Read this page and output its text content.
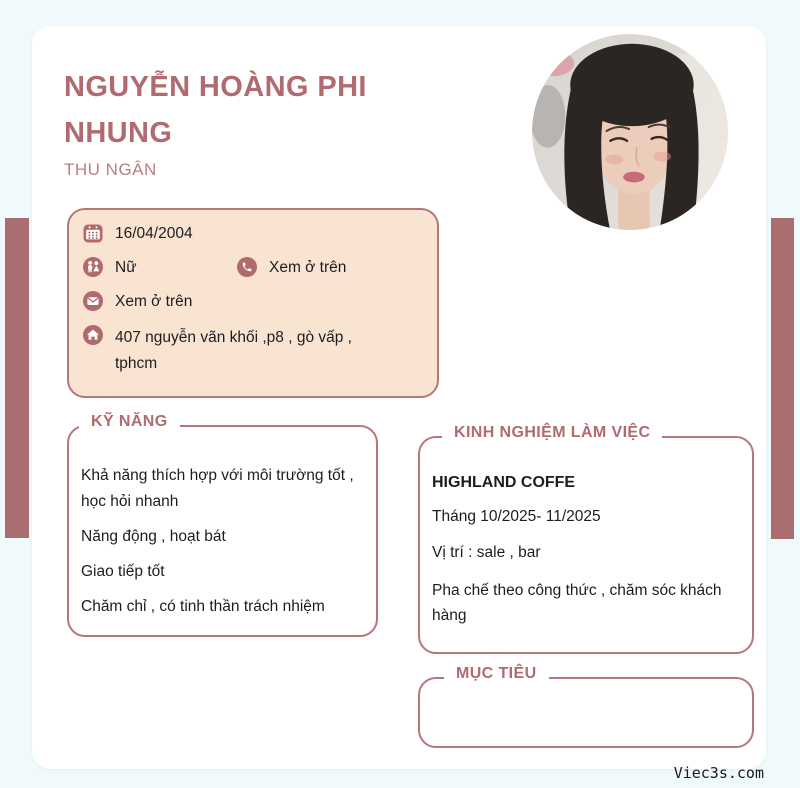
NGUYỄN HOÀNG PHI NHUNG
THU NGÂN
16/04/2004
Nữ	Xem ở trên
Xem ở trên
407 nguyễn vãn khối ,p8 , gò vấp , tphcm
KỸ NĂNG

Khả năng thích hợp với môi trường tốt , học hỏi nhanh

Năng động , hoạt bát

Giao tiếp tốt

Chăm chỉ , có tinh thần trách nhiệm

KINH NGHIỆM LÀM VIỆC

HIGHLAND COFFE

Tháng 10/2025- 11/2025

Vị trí : sale , bar

Pha chế theo công thức , chăm sóc khách hàng

MỤC TIÊU
Viec3s.com
